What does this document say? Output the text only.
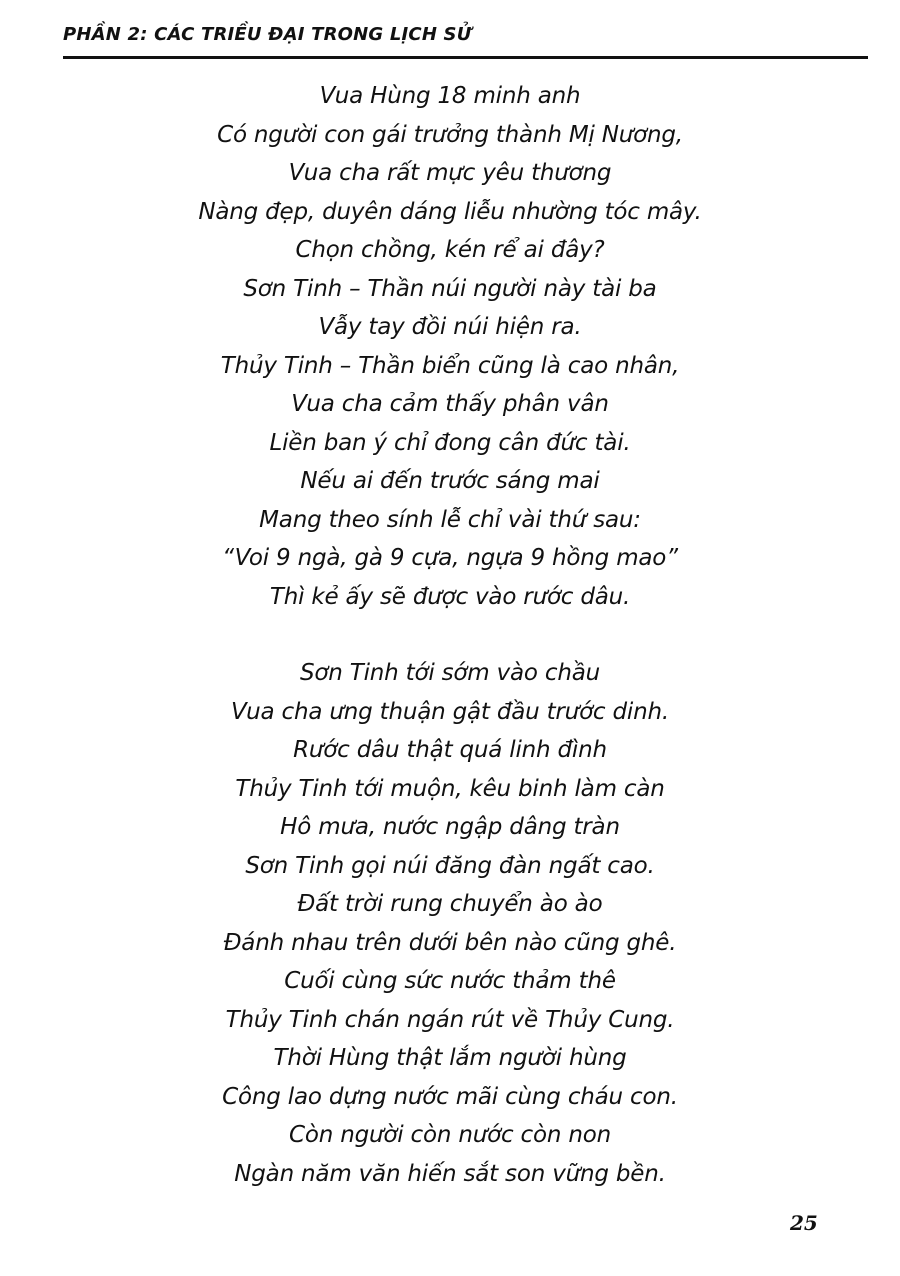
PHẦN 2: CÁC TRIỀU ĐẠI TRONG LỊCH SỬ
Vua Hùng 18 minh anh
Có người con gái trưởng thành Mị Nương,
Vua cha rất mực yêu thương
Nàng đẹp, duyên dáng liễu nhường tóc mây.
Chọn chồng, kén rể ai đây?
Sơn Tinh – Thần núi người này tài ba
Vẫy tay đồi núi hiện ra.
Thủy Tinh – Thần biển cũng là cao nhân,
Vua cha cảm thấy phân vân
Liền ban ý chỉ đong cân đức tài.
Nếu ai đến trước sáng mai
Mang theo sính lễ chỉ vài thứ sau:
“Voi 9 ngà, gà 9 cựa, ngựa 9 hồng mao”
Thì kẻ ấy sẽ được vào rước dâu.
Sơn Tinh tới sớm vào chầu
Vua cha ưng thuận gật đầu trước dinh.
Rước dâu thật quá linh đình
Thủy Tinh tới muộn, kêu binh làm càn
Hô mưa, nước ngập dâng tràn
Sơn Tinh gọi núi đăng đàn ngất cao.
Đất trời rung chuyển ào ào
Đánh nhau trên dưới bên nào cũng ghê.
Cuối cùng sức nước thảm thê
Thủy Tinh chán ngán rút về Thủy Cung.
Thời Hùng thật lắm người hùng
Công lao dựng nước mãi cùng cháu con.
Còn người còn nước còn non
Ngàn năm văn hiến sắt son vững bền.
25
